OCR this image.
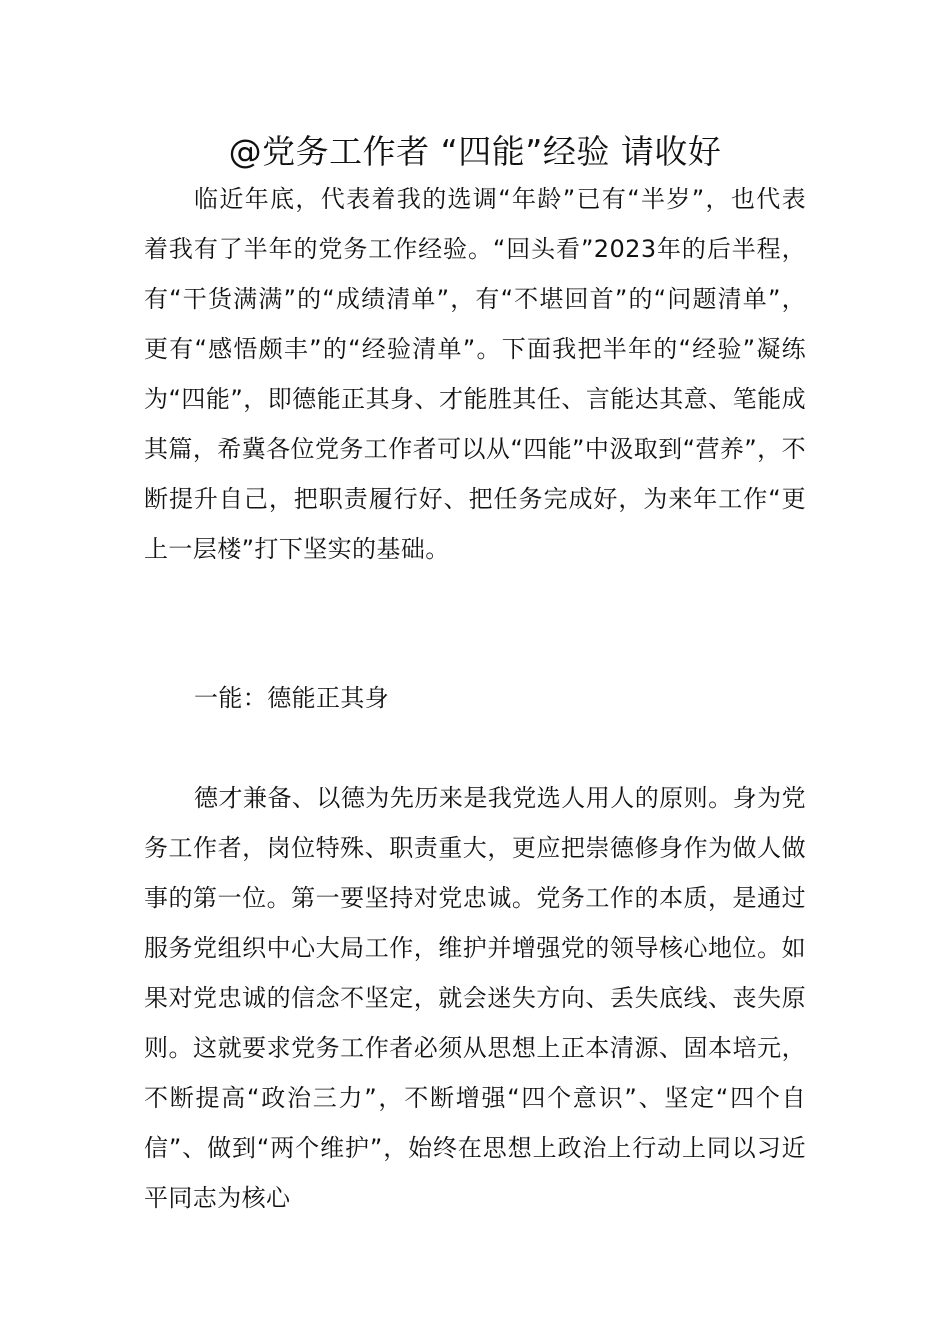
@党务工作者 “四能”经验 请收好

临近年底，代表着我的选调“年龄”已有“半岁”，也代表着我有了半年的党务工作经验。“回头看”2023年的后半程，有“干货满满”的“成绩清单”，有“不堪回首”的“问题清单”，更有“感悟颇丰”的“经验清单”。下面我把半年的“经验”凝练为“四能”，即德能正其身、才能胜其任、言能达其意、笔能成其篇，希冀各位党务工作者可以从“四能”中汲取到“营养”，不断提升自己，把职责履行好、把任务完成好，为来年工作“更上一层楼”打下坚实的基础。

一能：德能正其身

德才兼备、以德为先历来是我党选人用人的原则。身为党务工作者，岗位特殊、职责重大，更应把崇德修身作为做人做事的第一位。第一要坚持对党忠诚。党务工作的本质，是通过服务党组织中心大局工作，维护并增强党的领导核心地位。如果对党忠诚的信念不坚定，就会迷失方向、丢失底线、丧失原则。这就要求党务工作者必须从思想上正本清源、固本培元，不断提高“政治三力”，不断增强“四个意识”、坚定“四个自信”、做到“两个维护”，始终在思想上政治上行动上同以习近平同志为核心
